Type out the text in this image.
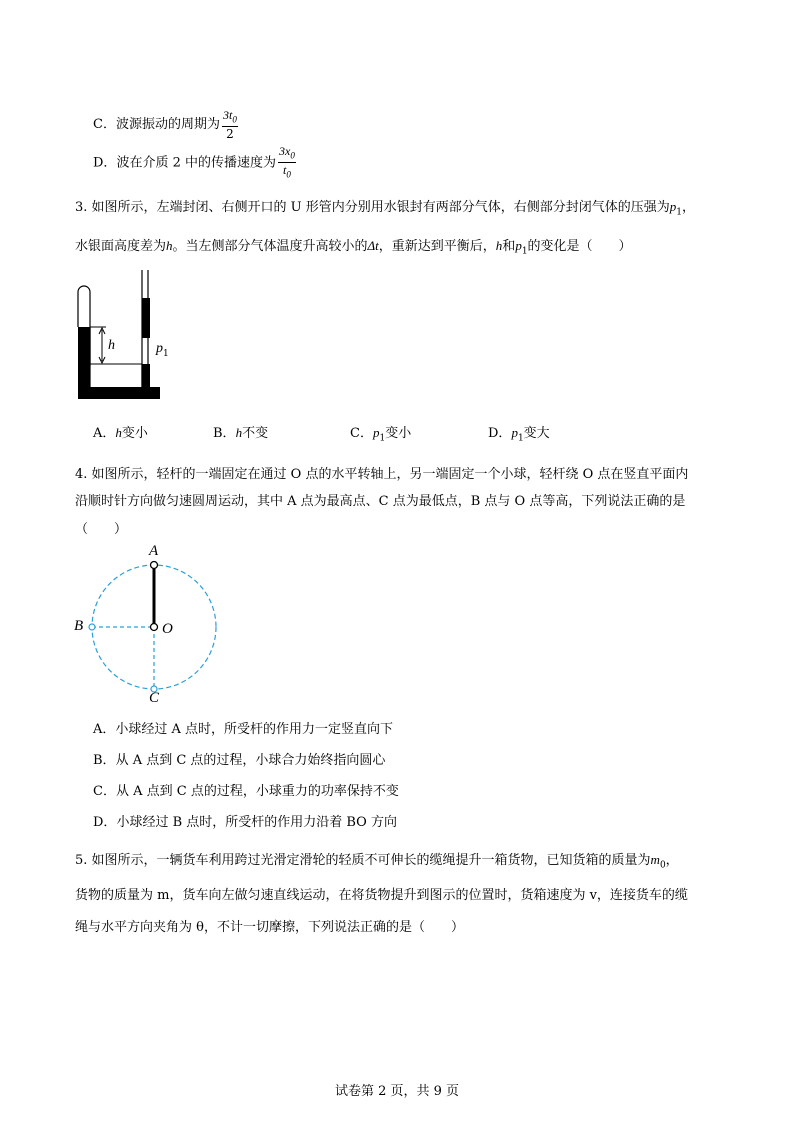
C．波源振动的周期为 $\frac{3t_0}{2}$
D．波在介质 2 中的传播速度为 $\frac{3x_0}{t_0}$
3. 如图所示，左端封闭、右侧开口的 U 形管内分别用水银封有两部分气体，右侧部分封闭气体的压强为$p_1$，
水银面高度差为h。当左侧部分气体温度升高较小的Δt，重新达到平衡后，h和$p_1$的变化是（　　）
h	$p_1$
A．h变小	B．h不变	C．$p_1$变小	D．$p_1$变大
4. 如图所示，轻杆的一端固定在通过 O 点的水平转轴上，另一端固定一个小球，轻杆绕 O 点在竖直平面内
沿顺时针方向做匀速圆周运动，其中 A 点为最高点、C 点为最低点，B 点与 O 点等高，下列说法正确的是
（　　）
A
B	O
C
A．小球经过 A 点时，所受杆的作用力一定竖直向下
B．从 A 点到 C 点的过程，小球合力始终指向圆心
C．从 A 点到 C 点的过程，小球重力的功率保持不变
D．小球经过 B 点时，所受杆的作用力沿着 BO 方向
5. 如图所示，一辆货车利用跨过光滑定滑轮的轻质不可伸长的缆绳提升一箱货物，已知货箱的质量为$m_0$，
货物的质量为 m，货车向左做匀速直线运动，在将货物提升到图示的位置时，货箱速度为 v，连接货车的缆
绳与水平方向夹角为 θ，不计一切摩擦，下列说法正确的是（　　）
试卷第 2 页，共 9 页
